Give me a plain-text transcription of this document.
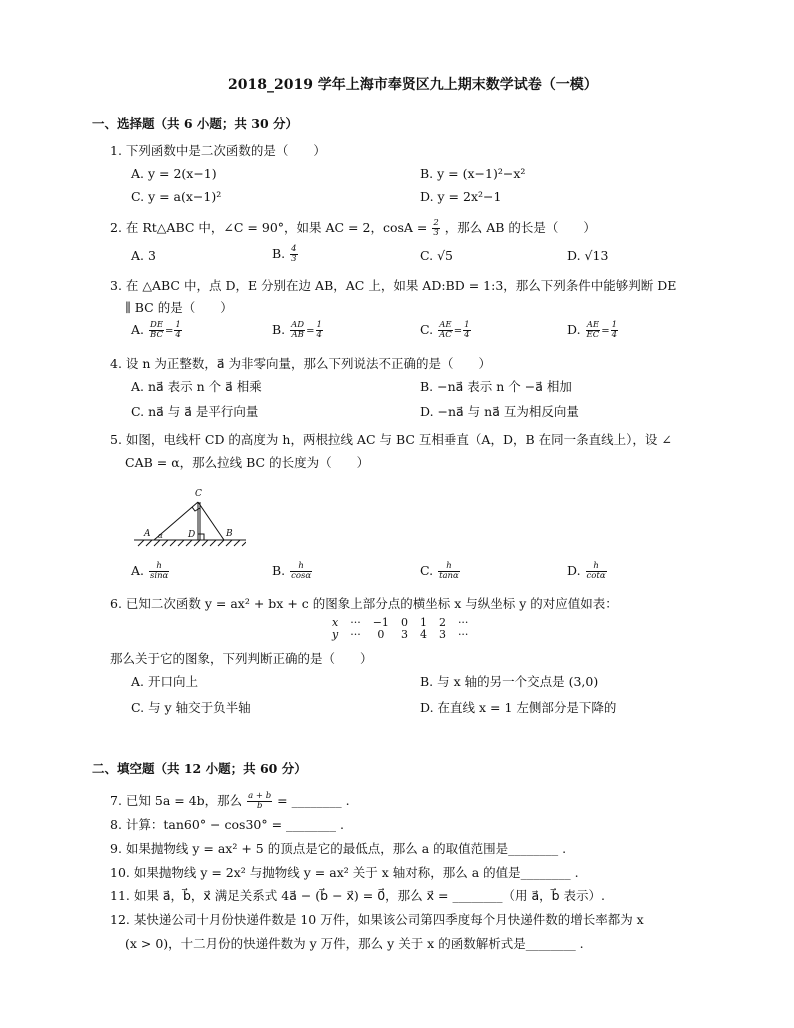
2018_2019 学年上海市奉贤区九上期末数学试卷（一模）
一、选择题（共 6 小题；共 30 分）
1. 下列函数中是二次函数的是（　　）
A. y = 2(x−1)	B. y = (x−1)²−x²
C. y = a(x−1)²	D. y = 2x²−1
2. 在 Rt△ABC 中，∠C = 90°，如果 AC = 2，$\cos A = \frac{2}{3}$ ，那么 AB 的长是（　　）
A. 3	B. $\frac{4}{3}$	C. √5	D. √13
3. 在 △ABC 中，点 D，E 分别在边 AB，AC 上，如果 AD:BD = 1:3，那么下列条件中能够判断 DE
∥ BC 的是（　　）
A. $\frac{DE}{BC} = \frac{1}{4}$	B. $\frac{AD}{AB} = \frac{1}{4}$	C. $\frac{AE}{AC} = \frac{1}{4}$	D. $\frac{AE}{EC} = \frac{1}{4}$
4. 设 n 为正整数，a⃗ 为非零向量，那么下列说法不正确的是（　　）
A. na⃗ 表示 n 个 a⃗ 相乘	B. −na⃗ 表示 n 个 −a⃗ 相加
C. na⃗ 与 a⃗ 是平行向量	D. −na⃗ 与 na⃗ 互为相反向量
5. 如图，电线杆 CD 的高度为 h，两根拉线 AC 与 BC 互相垂直（A，D，B 在同一条直线上），设 ∠
CAB = α，那么拉线 BC 的长度为（　　）
C
A α	D	B
A. $\frac{h}{\sin\alpha}$	B. $\frac{h}{\cos\alpha}$	C. $\frac{h}{\tan\alpha}$	D. $\frac{h}{\cot\alpha}$
6. 已知二次函数 y = ax² + bx + c 的图象上部分点的横坐标 x 与纵坐标 y 的对应值如表：
x	···	−1	0	1	2	···
y	···	0	3	4	3	···
那么关于它的图象，下列判断正确的是（　　）
A. 开口向上	B. 与 x 轴的另一个交点是 (3,0)
C. 与 y 轴交于负半轴	D. 在直线 x = 1 左侧部分是下降的
二、填空题（共 12 小题；共 60 分）
7. 已知 5a = 4b，那么 $\frac{a + b}{b}$ = ________ .
8. 计算：tan60° − cos30° = ________ .
9. 如果抛物线 y = ax² + 5 的顶点是它的最低点，那么 a 的取值范围是________ .
10. 如果抛物线 y = 2x² 与抛物线 y = ax² 关于 x 轴对称，那么 a 的值是________ .
11. 如果 a⃗，b⃗，x⃗ 满足关系式 4a⃗ − (b⃗ − x⃗) = 0⃗，那么 x⃗ = ________（用 a⃗，b⃗ 表示）.
12. 某快递公司十月份快递件数是 10 万件，如果该公司第四季度每个月快递件数的增长率都为 x
(x > 0)，十二月份的快递件数为 y 万件，那么 y 关于 x 的函数解析式是________ .
